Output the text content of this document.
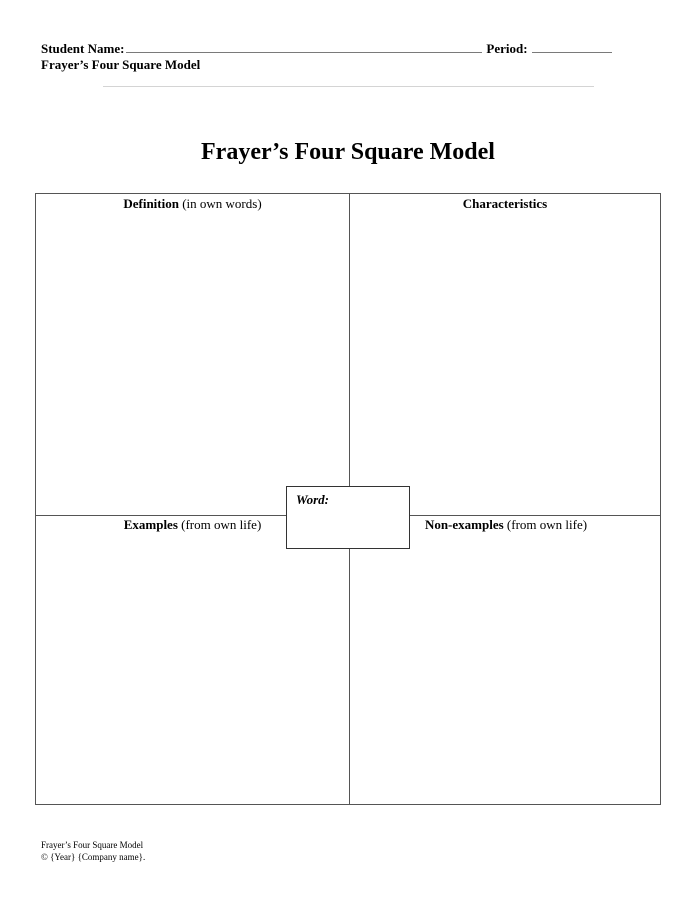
Student Name:	Period:
Frayer’s Four Square Model
Frayer’s Four Square Model
Definition (in own words)	Characteristics
Examples (from own life)	Non-examples (from own life)
Word:
Frayer’s Four Square Model
© {Year} {Company name}.
